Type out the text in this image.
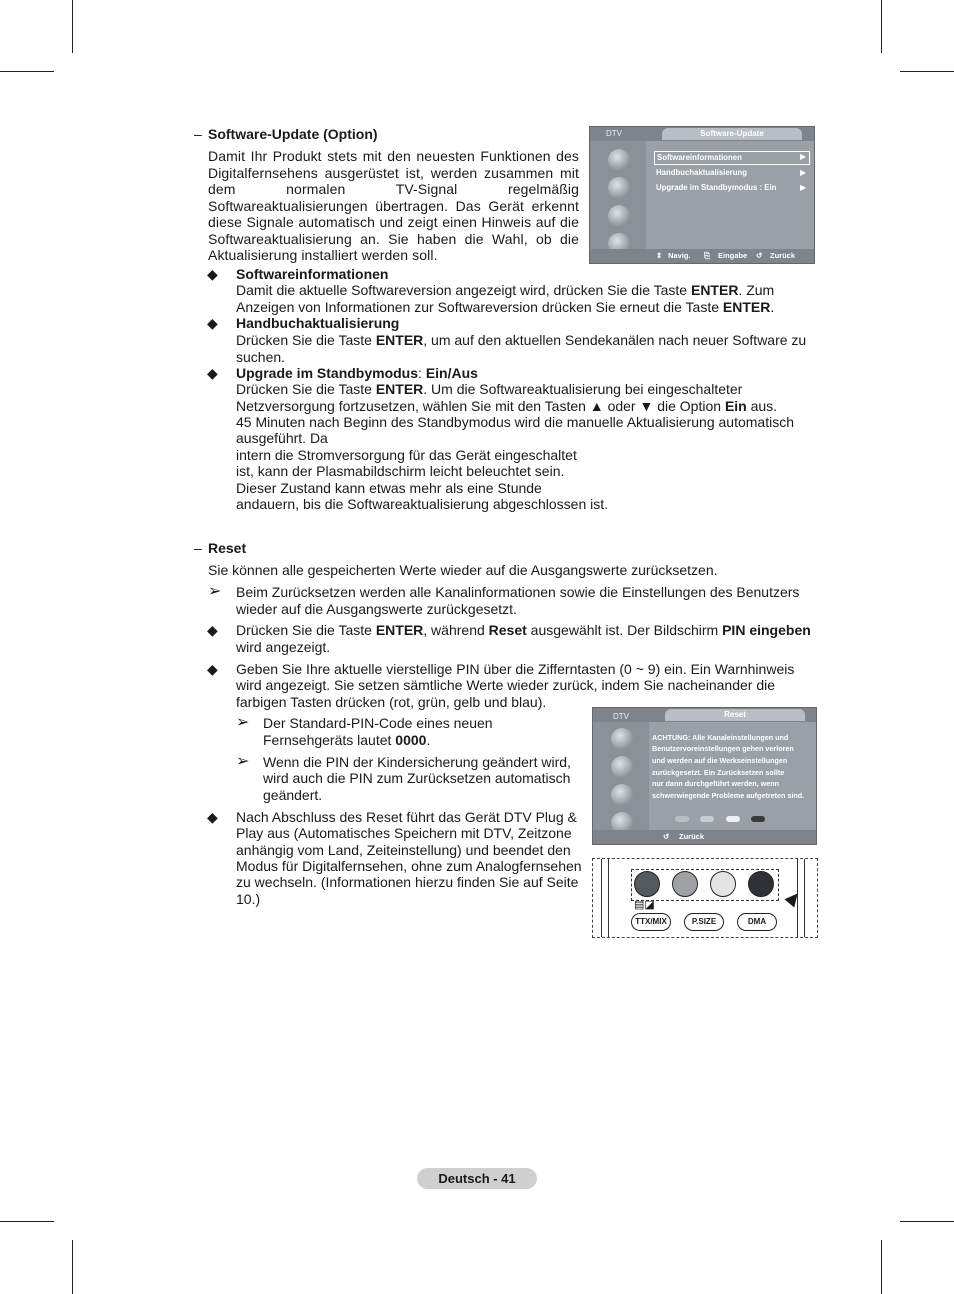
– Software-Update (Option)
Damit Ihr Produkt stets mit den neuesten Funktionen des Digitalfernsehens ausgerüstet ist, werden zusammen mit dem normalen TV-Signal regelmäßig Softwareaktualisierungen übertragen. Das Gerät erkennt diese Signale automatisch und zeigt einen Hinweis auf die Softwareaktualisierung an. Sie haben die Wahl, ob die Aktualisierung installiert werden soll.
DTV	Software-Update
Softwareinformationen	▶
Handbuchaktualisierung	▶
Upgrade im Standbymodus : Ein	▶
⇕ Navig. ⎘ Eingabe ↺ Zurück
◆ Softwareinformationen
Damit die aktuelle Softwareversion angezeigt wird, drücken Sie die Taste ENTER. Zum Anzeigen von Informationen zur Softwareversion drücken Sie erneut die Taste ENTER.
◆ Handbuchaktualisierung
Drücken Sie die Taste ENTER, um auf den aktuellen Sendekanälen nach neuer Software zu suchen.
◆ Upgrade im Standbymodus: Ein/Aus
Drücken Sie die Taste ENTER. Um die Softwareaktualisierung bei eingeschalteter
Netzversorgung fortzusetzen, wählen Sie mit den Tasten ▲ oder ▼ die Option Ein aus.
45 Minuten nach Beginn des Standbymodus wird die manuelle Aktualisierung automatisch
ausgeführt. Da
intern die Stromversorgung für das Gerät eingeschaltet
ist, kann der Plasmabildschirm leicht beleuchtet sein.
Dieser Zustand kann etwas mehr als eine Stunde
andauern, bis die Softwareaktualisierung abgeschlossen ist.
– Reset
Sie können alle gespeicherten Werte wieder auf die Ausgangswerte zurücksetzen.
➢ Beim Zurücksetzen werden alle Kanalinformationen sowie die Einstellungen des Benutzers wieder auf die Ausgangswerte zurückgesetzt.
◆ Drücken Sie die Taste ENTER, während Reset ausgewählt ist. Der Bildschirm PIN eingeben
wird angezeigt.
◆ Geben Sie Ihre aktuelle vierstellige PIN über die Zifferntasten (0 ~ 9) ein. Ein Warnhinweis
wird angezeigt. Sie setzen sämtliche Werte wieder zurück, indem Sie nacheinander die
farbigen Tasten drücken (rot, grün, gelb und blau).
➢ Der Standard-PIN-Code eines neuen
Fernsehgeräts lautet 0000.
➢ Wenn die PIN der Kindersicherung geändert wird,
wird auch die PIN zum Zurücksetzen automatisch
geändert.
◆ Nach Abschluss des Reset führt das Gerät DTV Plug &
Play aus (Automatisches Speichern mit DTV, Zeitzone
anhängig vom Land, Zeiteinstellung) und beendet den
Modus für Digitalfernsehen, ohne zum Analogfernsehen
zu wechseln. (Informationen hierzu finden Sie auf Seite
10.)
DTV	Reset
ACHTUNG: Alle Kanaleinstellungen und
Benutzervoreinstellungen gehen verloren
und werden auf die Werkseinstellungen
zurückgesetzt. Ein Zurücksetzen sollte
nur dann durchgeführt werden, wenn
schwerwiegende Probleme aufgetreten sind.
↺ Zurück
▲
▤◪
TTX/MIX	P.SIZE	DMA
Deutsch - 41
